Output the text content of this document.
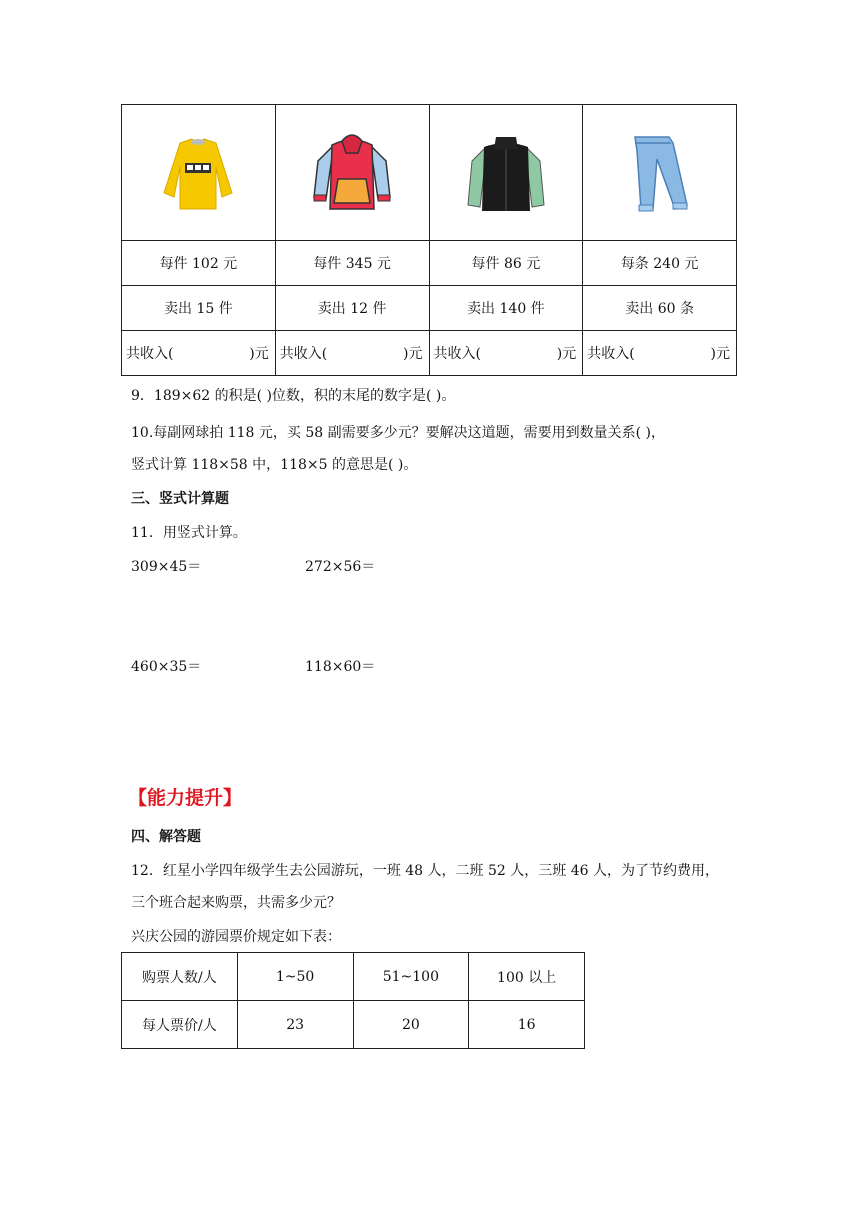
每件 102 元	每件 345 元	每件 86 元	每条 240 元
卖出 15 件	卖出 12 件	卖出 140 件	卖出 60 条

共收入( )元	共收入( )元	共收入( )元	共收入( )元
9．189×62 的积是( )位数，积的末尾的数字是( )。
10.每副网球拍 118 元，买 58 副需要多少元？要解决这道题，需要用到数量关系( )，
竖式计算 118×58 中，118×5 的意思是( )。
三、竖式计算题
11．用竖式计算。
309×45＝	272×56＝
460×35＝	118×60＝
【能力提升】
四、解答题
12．红星小学四年级学生去公园游玩，一班 48 人，二班 52 人，三班 46 人，为了节约费用，
三个班合起来购票，共需多少元？
兴庆公园的游园票价规定如下表：
购票人数/人	1~50	51~100	100 以上
每人票价/人	23	20	16
